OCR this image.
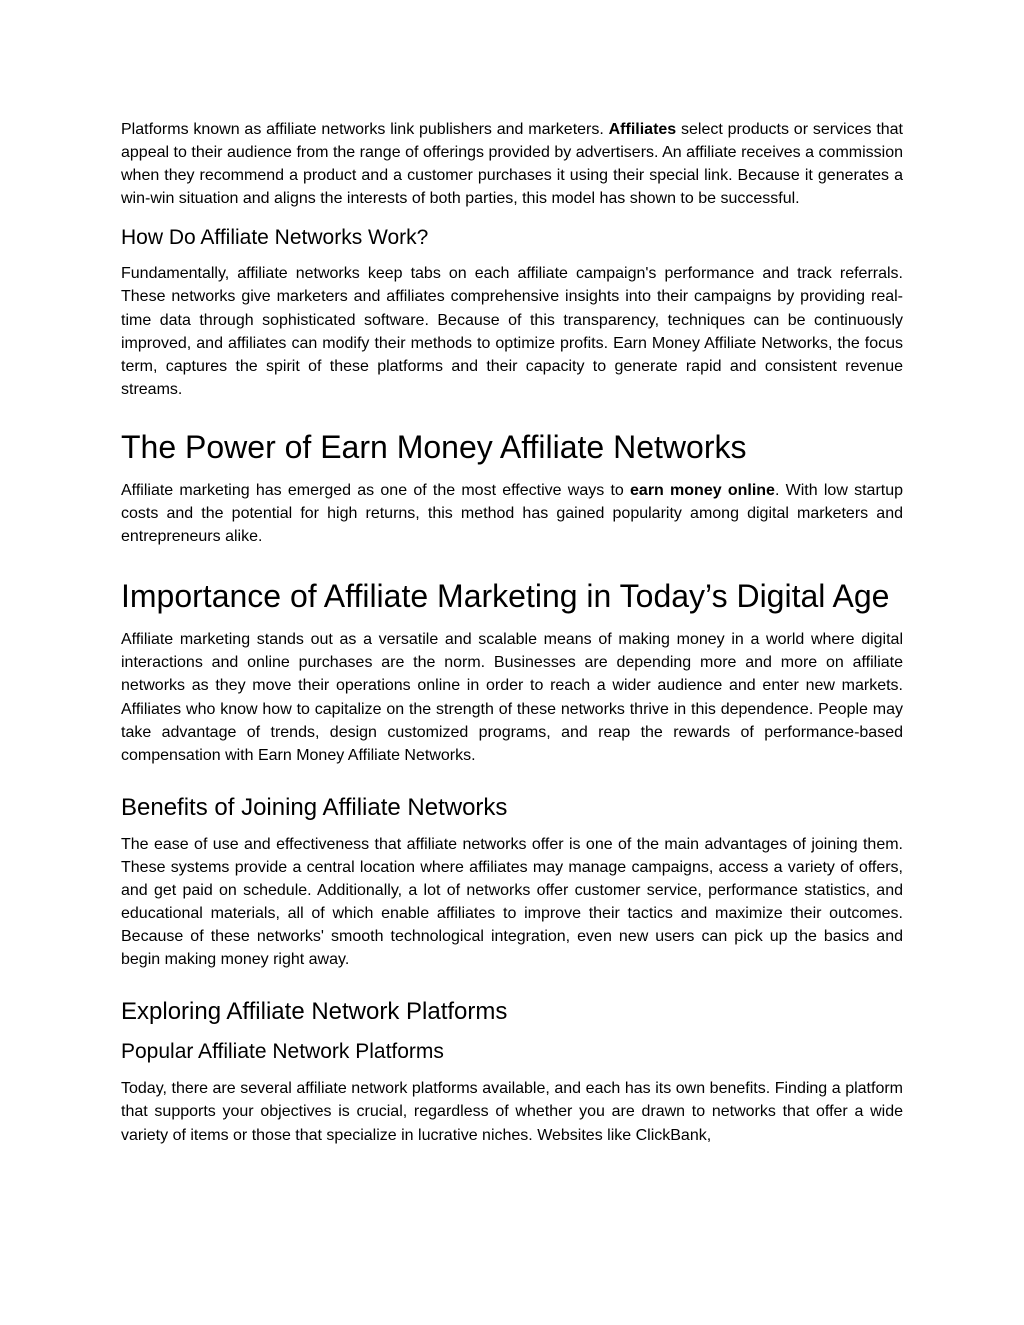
Platforms known as affiliate networks link publishers and marketers. Affiliates select products or services that appeal to their audience from the range of offerings provided by advertisers. An affiliate receives a commission when they recommend a product and a customer purchases it using their special link. Because it generates a win-win situation and aligns the interests of both parties, this model has shown to be successful.

How Do Affiliate Networks Work?

Fundamentally, affiliate networks keep tabs on each affiliate campaign's performance and track referrals. These networks give marketers and affiliates comprehensive insights into their campaigns by providing real-time data through sophisticated software. Because of this transparency, techniques can be continuously improved, and affiliates can modify their methods to optimize profits. Earn Money Affiliate Networks, the focus term, captures the spirit of these platforms and their capacity to generate rapid and consistent revenue streams.

The Power of Earn Money Affiliate Networks

Affiliate marketing has emerged as one of the most effective ways to earn money online. With low startup costs and the potential for high returns, this method has gained popularity among digital marketers and entrepreneurs alike.

Importance of Affiliate Marketing in Today’s Digital Age

Affiliate marketing stands out as a versatile and scalable means of making money in a world where digital interactions and online purchases are the norm. Businesses are depending more and more on affiliate networks as they move their operations online in order to reach a wider audience and enter new markets. Affiliates who know how to capitalize on the strength of these networks thrive in this dependence. People may take advantage of trends, design customized programs, and reap the rewards of performance-based compensation with Earn Money Affiliate Networks.

Benefits of Joining Affiliate Networks

The ease of use and effectiveness that affiliate networks offer is one of the main advantages of joining them. These systems provide a central location where affiliates may manage campaigns, access a variety of offers, and get paid on schedule. Additionally, a lot of networks offer customer service, performance statistics, and educational materials, all of which enable affiliates to improve their tactics and maximize their outcomes. Because of these networks' smooth technological integration, even new users can pick up the basics and begin making money right away.

Exploring Affiliate Network Platforms
Popular Affiliate Network Platforms

Today, there are several affiliate network platforms available, and each has its own benefits. Finding a platform that supports your objectives is crucial, regardless of whether you are drawn to networks that offer a wide variety of items or those that specialize in lucrative niches. Websites like ClickBank,
